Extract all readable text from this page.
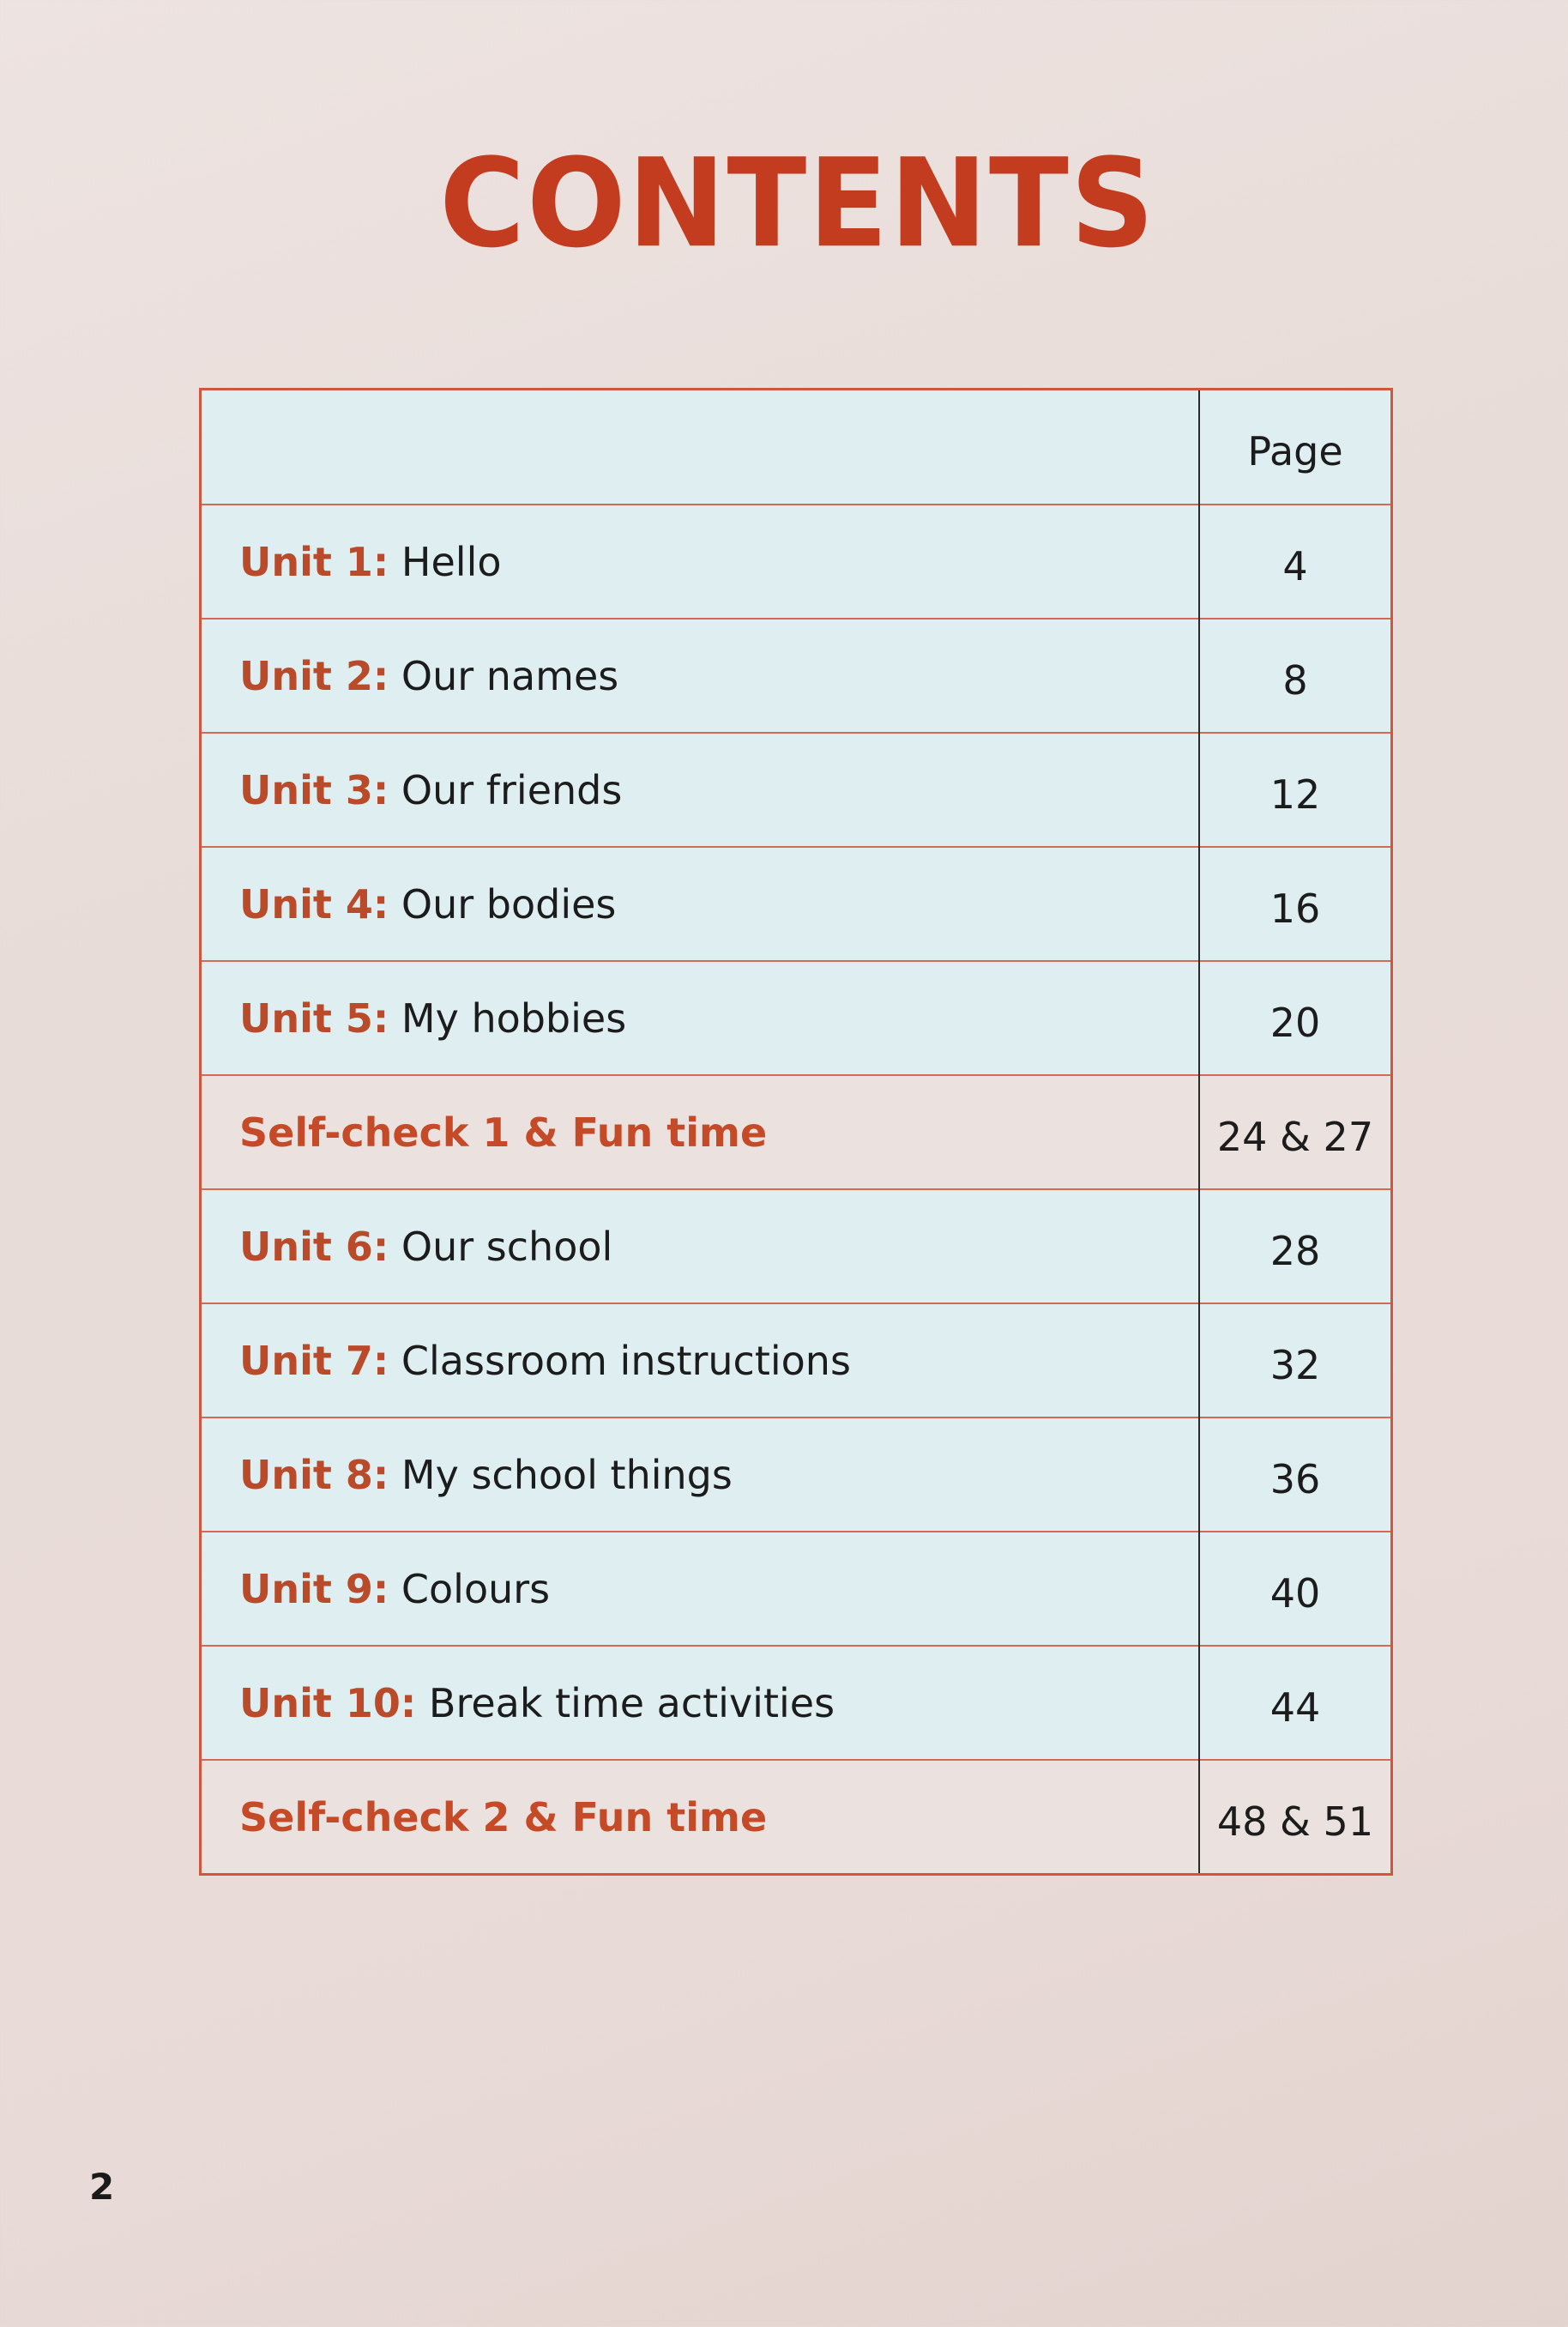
CONTENTS
	Page
Unit 1: Hello	4
Unit 2: Our names	8
Unit 3: Our friends	12
Unit 4: Our bodies	16
Unit 5: My hobbies	20
Self-check 1 & Fun time	24 & 27
Unit 6: Our school	28
Unit 7: Classroom instructions	32
Unit 8: My school things	36
Unit 9: Colours	40
Unit 10: Break time activities	44
Self-check 2 & Fun time	48 & 51
2
